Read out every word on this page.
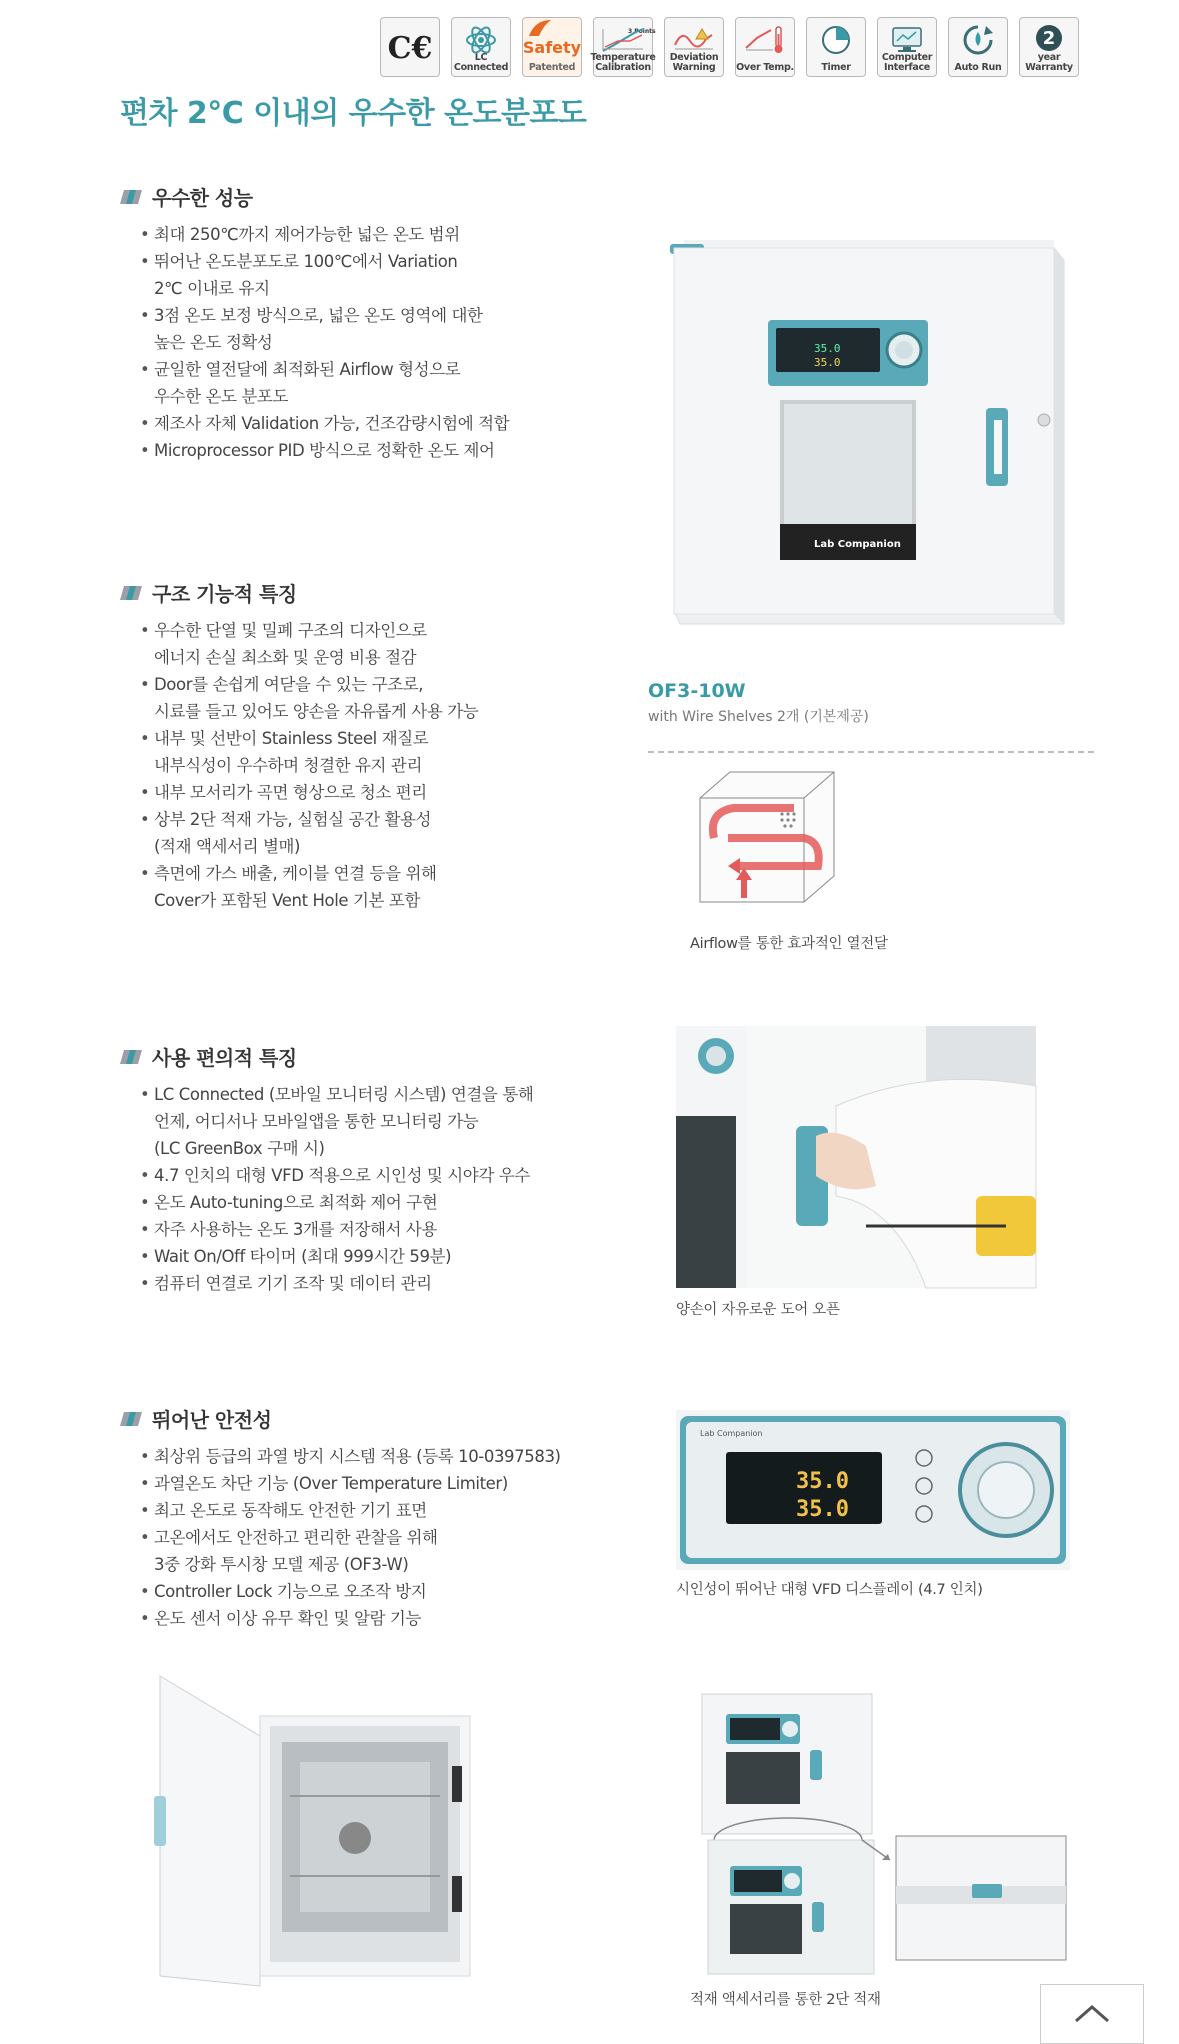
C€	LC
Connected
Safety
Patented
3 Points
Temperature
Calibration
Deviation
Warning	Over Temp.	Timer
Computer
Interface	Auto Run
2
year
Warranty
편차 2°C 이내의 우수한 온도분포도
우수한 성능
• 최대 250℃까지 제어가능한 넓은 온도 범위
• 뛰어난 온도분포도로 100℃에서 Variation
2℃ 이내로 유지
• 3점 온도 보정 방식으로, 넓은 온도 영역에 대한
높은 온도 정확성
• 균일한 열전달에 최적화된 Airflow 형성으로
우수한 온도 분포도
• 제조사 자체 Validation 가능, 건조감량시험에 적합
• Microprocessor PID 방식으로 정확한 온도 제어
35.0
35.0
Lab Companion
OF3-10W
with Wire Shelves 2개 (기본제공)
Airflow를 통한 효과적인 열전달
구조 기능적 특징
• 우수한 단열 및 밀폐 구조의 디자인으로
에너지 손실 최소화 및 운영 비용 절감
• Door를 손쉽게 여닫을 수 있는 구조로,
시료를 들고 있어도 양손을 자유롭게 사용 가능
• 내부 및 선반이 Stainless Steel 재질로
내부식성이 우수하며 청결한 유지 관리
• 내부 모서리가 곡면 형상으로 청소 편리
• 상부 2단 적재 가능, 실험실 공간 활용성
(적재 액세서리 별매)
• 측면에 가스 배출, 케이블 연결 등을 위해
Cover가 포함된 Vent Hole 기본 포함
사용 편의적 특징
• LC Connected (모바일 모니터링 시스템) 연결을 통해
언제, 어디서나 모바일앱을 통한 모니터링 가능
(LC GreenBox 구매 시)
• 4.7 인치의 대형 VFD 적용으로 시인성 및 시야각 우수
• 온도 Auto-tuning으로 최적화 제어 구현
• 자주 사용하는 온도 3개를 저장해서 사용
• Wait On/Off 타이머 (최대 999시간 59분)
• 컴퓨터 연결로 기기 조작 및 데이터 관리
양손이 자유로운 도어 오픈
뛰어난 안전성
• 최상위 등급의 과열 방지 시스템 적용 (등록 10-0397583)
• 과열온도 차단 기능 (Over Temperature Limiter)
• 최고 온도로 동작해도 안전한 기기 표면
• 고온에서도 안전하고 편리한 관찰을 위해
3중 강화 투시창 모델 제공 (OF3-W)
• Controller Lock 기능으로 오조작 방지
• 온도 센서 이상 유무 확인 및 알람 기능
Lab Companion
35.0
35.0
시인성이 뛰어난 대형 VFD 디스플레이 (4.7 인치)
적재 액세서리를 통한 2단 적재
